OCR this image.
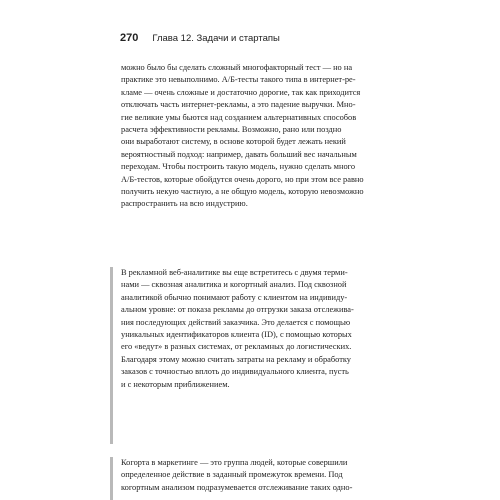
270 Глава 12. Задачи и стартапы
можно было бы сделать сложный многофакторный тест — но на
практике это невыполнимо. А/Б-тесты такого типа в интернет-ре-
кламе — очень сложные и достаточно дорогие, так как приходится
отключать часть интернет-рекламы, а это падение выручки. Мно-
гие великие умы бьются над созданием альтернативных способов
расчета эффективности рекламы. Возможно, рано или поздно
они выработают систему, в основе которой будет лежать некий
вероятностный подход: например, давать больший вес начальным
переходам. Чтобы построить такую модель, нужно сделать много
А/Б-тестов, которые обойдутся очень дорого, но при этом все равно
получить некую частную, а не общую модель, которую невозможно
распространить на всю индустрию.
В рекламной веб-аналитике вы еще встретитесь с двумя терми-
нами — сквозная аналитика и когортный анализ. Под сквозной
аналитикой обычно понимают работу с клиентом на индивиду-
альном уровне: от показа рекламы до отгрузки заказа отслежива-
ния последующих действий заказчика. Это делается с помощью
уникальных идентификаторов клиента (ID), с помощью которых
его «ведут» в разных системах, от рекламных до логистических.
Благодаря этому можно считать затраты на рекламу и обработку
заказов с точностью вплоть до индивидуального клиента, пусть
и с некоторым приближением.
Когорта в маркетинге — это группа людей, которые совершили
определенное действие в заданный промежуток времени. Под
когортным анализом подразумевается отслеживание таких одно-
